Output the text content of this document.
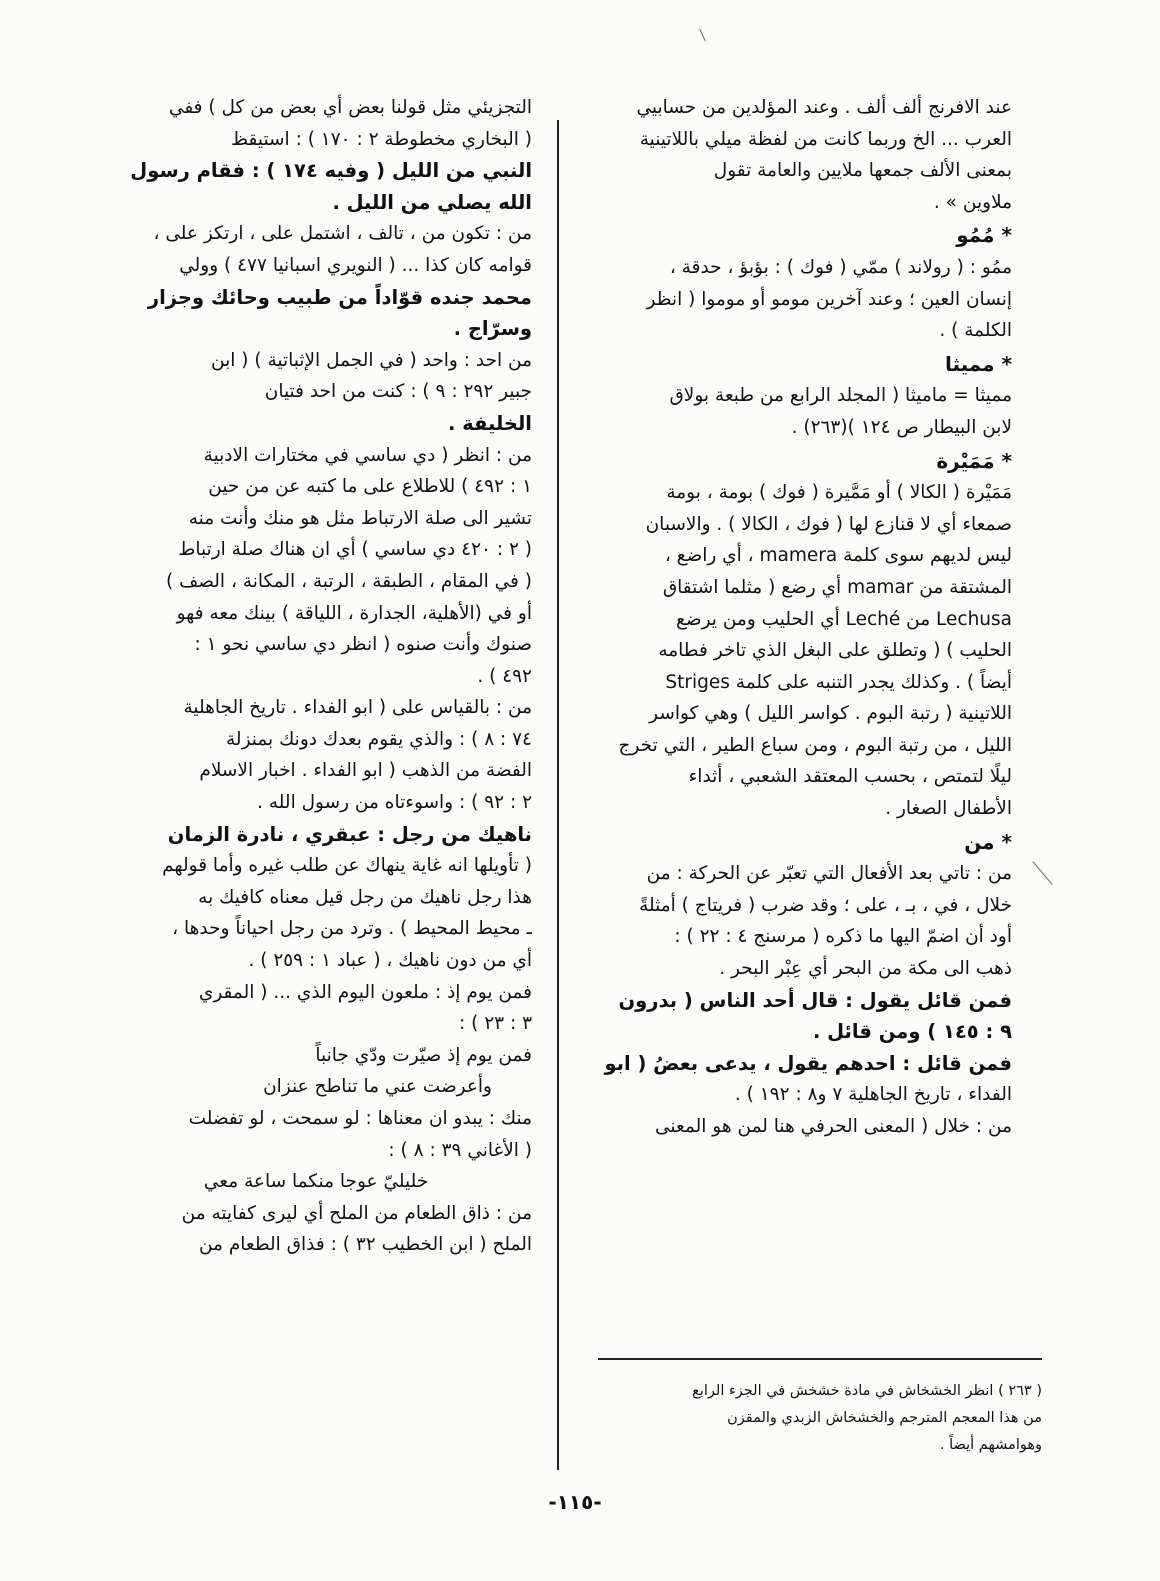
عند الافرنج ألف ألف . وعند المؤلدين من حسابيي
العرب ... الخ وربما كانت من لفظة ميلي باللاتينية
بمعنى الألف جمعها ملايين والعامة تقول
ملاوين » .
* مُمُو
ممُو : ( رولاند ) ممّي ( فوك ) : بؤبؤ ، حدقة ،
إنسان العين ؛ وعند آخرين مومو أو موموا ( انظر
الكلمة ) .
* مميثا
مميثا = ماميثا ( المجلد الرابع من طبعة بولاق
لابن البيطار ص ١٢٤ )(٢٦٣) .
* مَمَيْرة
مَمَيْرة ( الكالا ) أو مَمَّيرة ( فوك ) بومة ، بومة
صمعاء أي لا قنازع لها ( فوك ، الكالا ) . والاسبان
ليس لديهم سوى كلمة mamera ، أي راضع ،
المشتقة من mamar أي رضع ( مثلما اشتقاق
Lechusa من Leché أي الحليب ومن يرضع
الحليب ) ( وتطلق على البغل الذي تاخر فطامه
أيضاً ) . وكذلك يجدر التنبه على كلمة Striges
اللاتينية ( رتبة البوم . كواسر الليل ) وهي كواسر
الليل ، من رتبة البوم ، ومن سباع الطير ، التي تخرج
ليلًا لتمتص ، بحسب المعتقد الشعبي ، أثداء
الأطفال الصغار .
* من
من : تاتي بعد الأفعال التي تعبّر عن الحركة : من
خلال ، في ، بـ ، على ؛ وقد ضرب ( فريتاج ) أمثلةً
أود أن اضمّ اليها ما ذكره ( مرسنج ٤ : ٢٢ ) :
ذهب الى مكة من البحر أي عِبْر البحر .
فمن قائل يقول : قال أحد الناس ( بدرون
٩ : ١٤٥ ) ومن قائل .
فمن قائل : احدهم يقول ، يدعى بعضُ ( ابو
الفداء ، تاريخ الجاهلية ٧ و٨ : ١٩٢ ) .
من : خلال ( المعنى الحرفي هنا لمن هو المعنى
التجزيئي مثل قولنا بعض أي بعض من كل ) ففي
( البخاري مخطوطة ٢ : ١٧٠ ) : استيقظ
النبي من الليل ( وفيه ١٧٤ ) : فقام رسول
الله يصلي من الليل .
من : تكون من ، تالف ، اشتمل على ، ارتكز على ،
قوامه كان كذا ... ( النويري اسبانيا ٤٧٧ ) وولي
محمد جنده قوّاداً من طبيب وحائك وجزار
وسرّاج .
من احد : واحد ( في الجمل الإثباتية ) ( ابن
جبير ٢٩٢ : ٩ ) : كنت من احد فتيان
الخليفة .
من : انظر ( دي ساسي في مختارات الادبية
١ : ٤٩٢ ) للاطلاع على ما كتبه عن من حين
تشير الى صلة الارتباط مثل هو منك وأنت منه
( ٢ : ٤٢٠ دي ساسي ) أي ان هناك صلة ارتباط
( في المقام ، الطبقة ، الرتبة ، المكانة ، الصف )
أو في (الأهلية، الجدارة ، اللياقة ) بينك معه فهو
صنوك وأنت صنوه ( انظر دي ساسي نحو ١ :
٤٩٢ ) .
من : بالقياس على ( ابو الفداء . تاريخ الجاهلية
٧٤ : ٨ ) : والذي يقوم بعدك دونك بمنزلة
الفضة من الذهب ( ابو الفداء . اخبار الاسلام
٢ : ٩٢ ) : واسوءتاه من رسول الله .
ناهيك من رجل : عبقري ، نادرة الزمان
( تأويلها انه غاية ينهاك عن طلب غيره وأما قولهم
هذا رجل ناهيك من رجل قيل معناه كافيك به
ـ محيط المحيط ) . وترد من رجل احياناً وحدها ،
أي من دون ناهيك ، ( عباد ١ : ٢٥٩ ) .
فمن يوم إذ : ملعون اليوم الذي ... ( المقري
٣ : ٢٣ ) :
فمن يوم إذ صيّرت ودّي جانباً
وأعرضت عني ما تناطح عنزان
منك : يبدو ان معناها : لو سمحت ، لو تفضلت
( الأغاني ٣٩ : ٨ ) :
خليليّ عوجا منكما ساعة معي
من : ذاق الطعام من الملح أي ليرى كفايته من
الملح ( ابن الخطيب ٣٢ ) : فذاق الطعام من
( ٢٦٣ ) انظر الخشخاش في مادة خشخش في الجزء الرابع
من هذا المعجم المترجم والخشخاش الزبدي والمقزن
وهوامشهم أيضاً .
-١١٥-
